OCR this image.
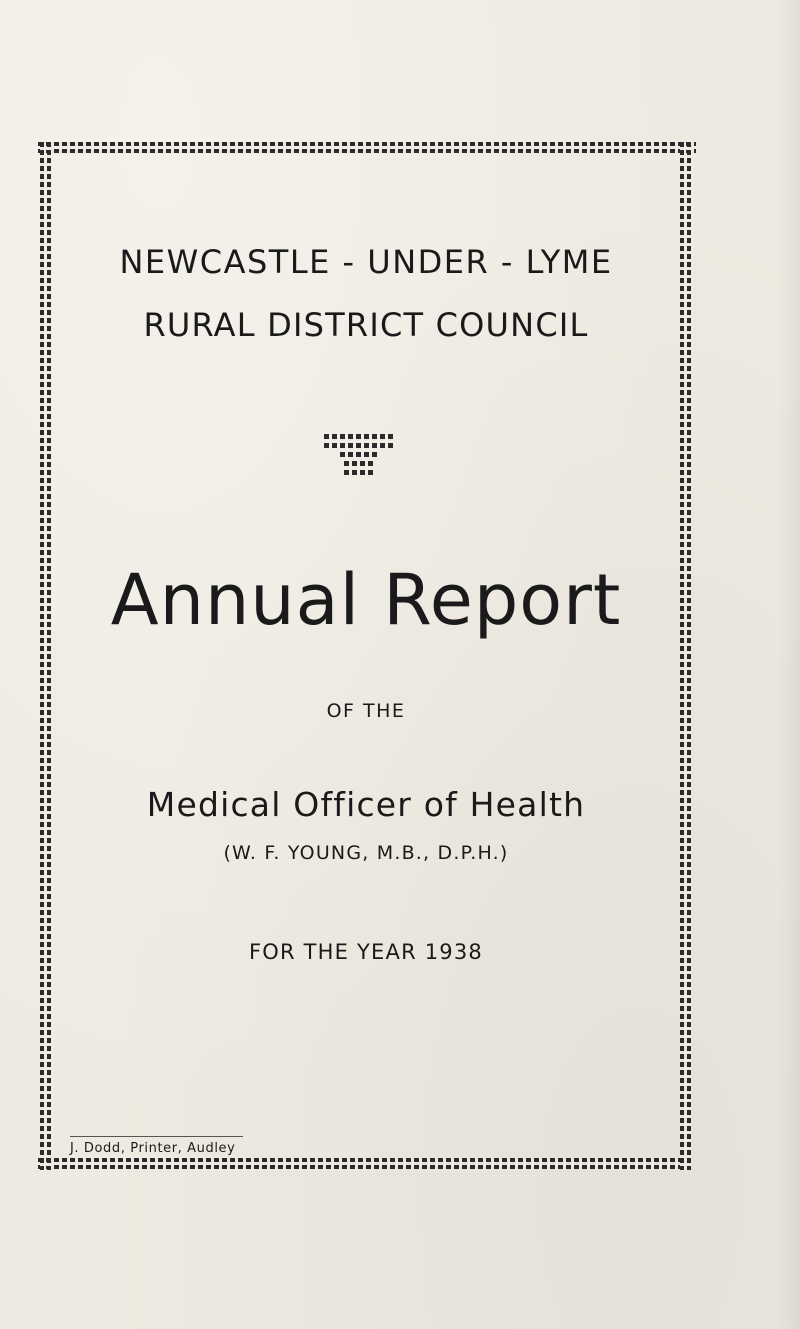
NEWCASTLE - UNDER - LYME
RURAL DISTRICT COUNCIL
Annual Report

OF THE

Medical Officer of Health

(W. F. YOUNG, M.B., D.P.H.)

FOR THE YEAR 1938

J. Dodd, Printer, Audley
